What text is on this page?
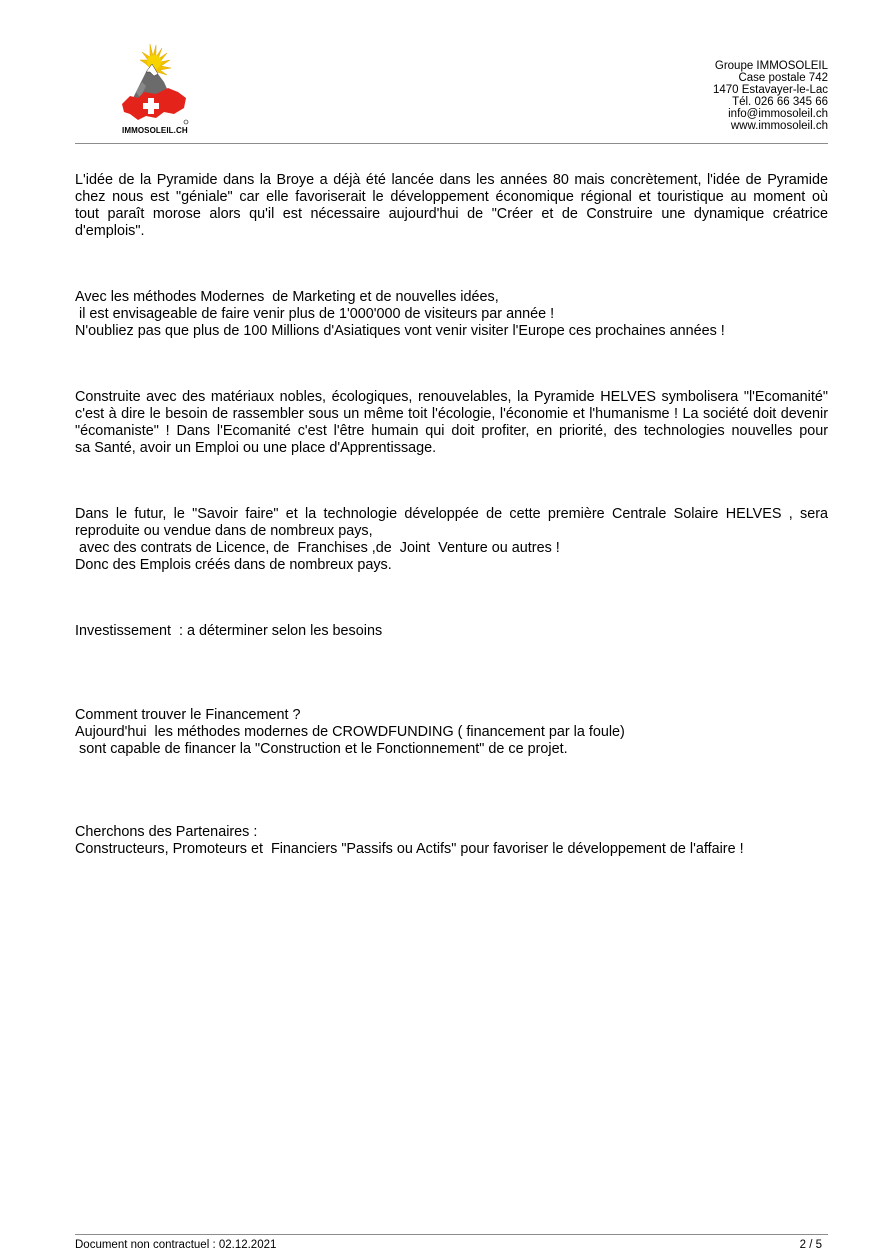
IMMOSOLEIL.CH
Groupe IMMOSOLEIL
Case postale 742
1470 Estavayer-le-Lac
Tél. 026 66 345 66
info@immosoleil.ch
www.immosoleil.ch
L'idée de la Pyramide dans la Broye a déjà été lancée dans les années 80 mais concrètement, l'idée de Pyramide
chez nous est "géniale" car elle favoriserait le développement économique régional et touristique au moment où
tout paraît morose alors qu'il est nécessaire aujourd'hui de "Créer et de Construire une dynamique créatrice
d'emplois".
Avec les méthodes Modernes  de Marketing et de nouvelles idées,
il est envisageable de faire venir plus de 1'000'000 de visiteurs par année !
N'oubliez pas que plus de 100 Millions d'Asiatiques vont venir visiter l'Europe ces prochaines années !
Construite avec des matériaux nobles, écologiques, renouvelables, la Pyramide HELVES symbolisera "l'Ecomanité"
c'est à dire le besoin de rassembler sous un même toit l'écologie, l'économie et l'humanisme ! La société doit devenir
"écomaniste" ! Dans l'Ecomanité c'est l'être humain qui doit profiter, en priorité, des technologies nouvelles pour
sa Santé, avoir un Emploi ou une place d'Apprentissage.
Dans le futur, le "Savoir faire" et la technologie développée de cette première Centrale Solaire HELVES , sera
reproduite ou vendue dans de nombreux pays,
avec des contrats de Licence, de  Franchises ,de  Joint  Venture ou autres !
Donc des Emplois créés dans de nombreux pays.
Investissement  : a déterminer selon les besoins
Comment trouver le Financement ?
Aujourd'hui  les méthodes modernes de CROWDFUNDING ( financement par la foule)
sont capable de financer la "Construction et le Fonctionnement" de ce projet.
Cherchons des Partenaires :
Constructeurs, Promoteurs et  Financiers "Passifs ou Actifs" pour favoriser le développement de l'affaire !
Document non contractuel : 02.12.2021	2 / 5
